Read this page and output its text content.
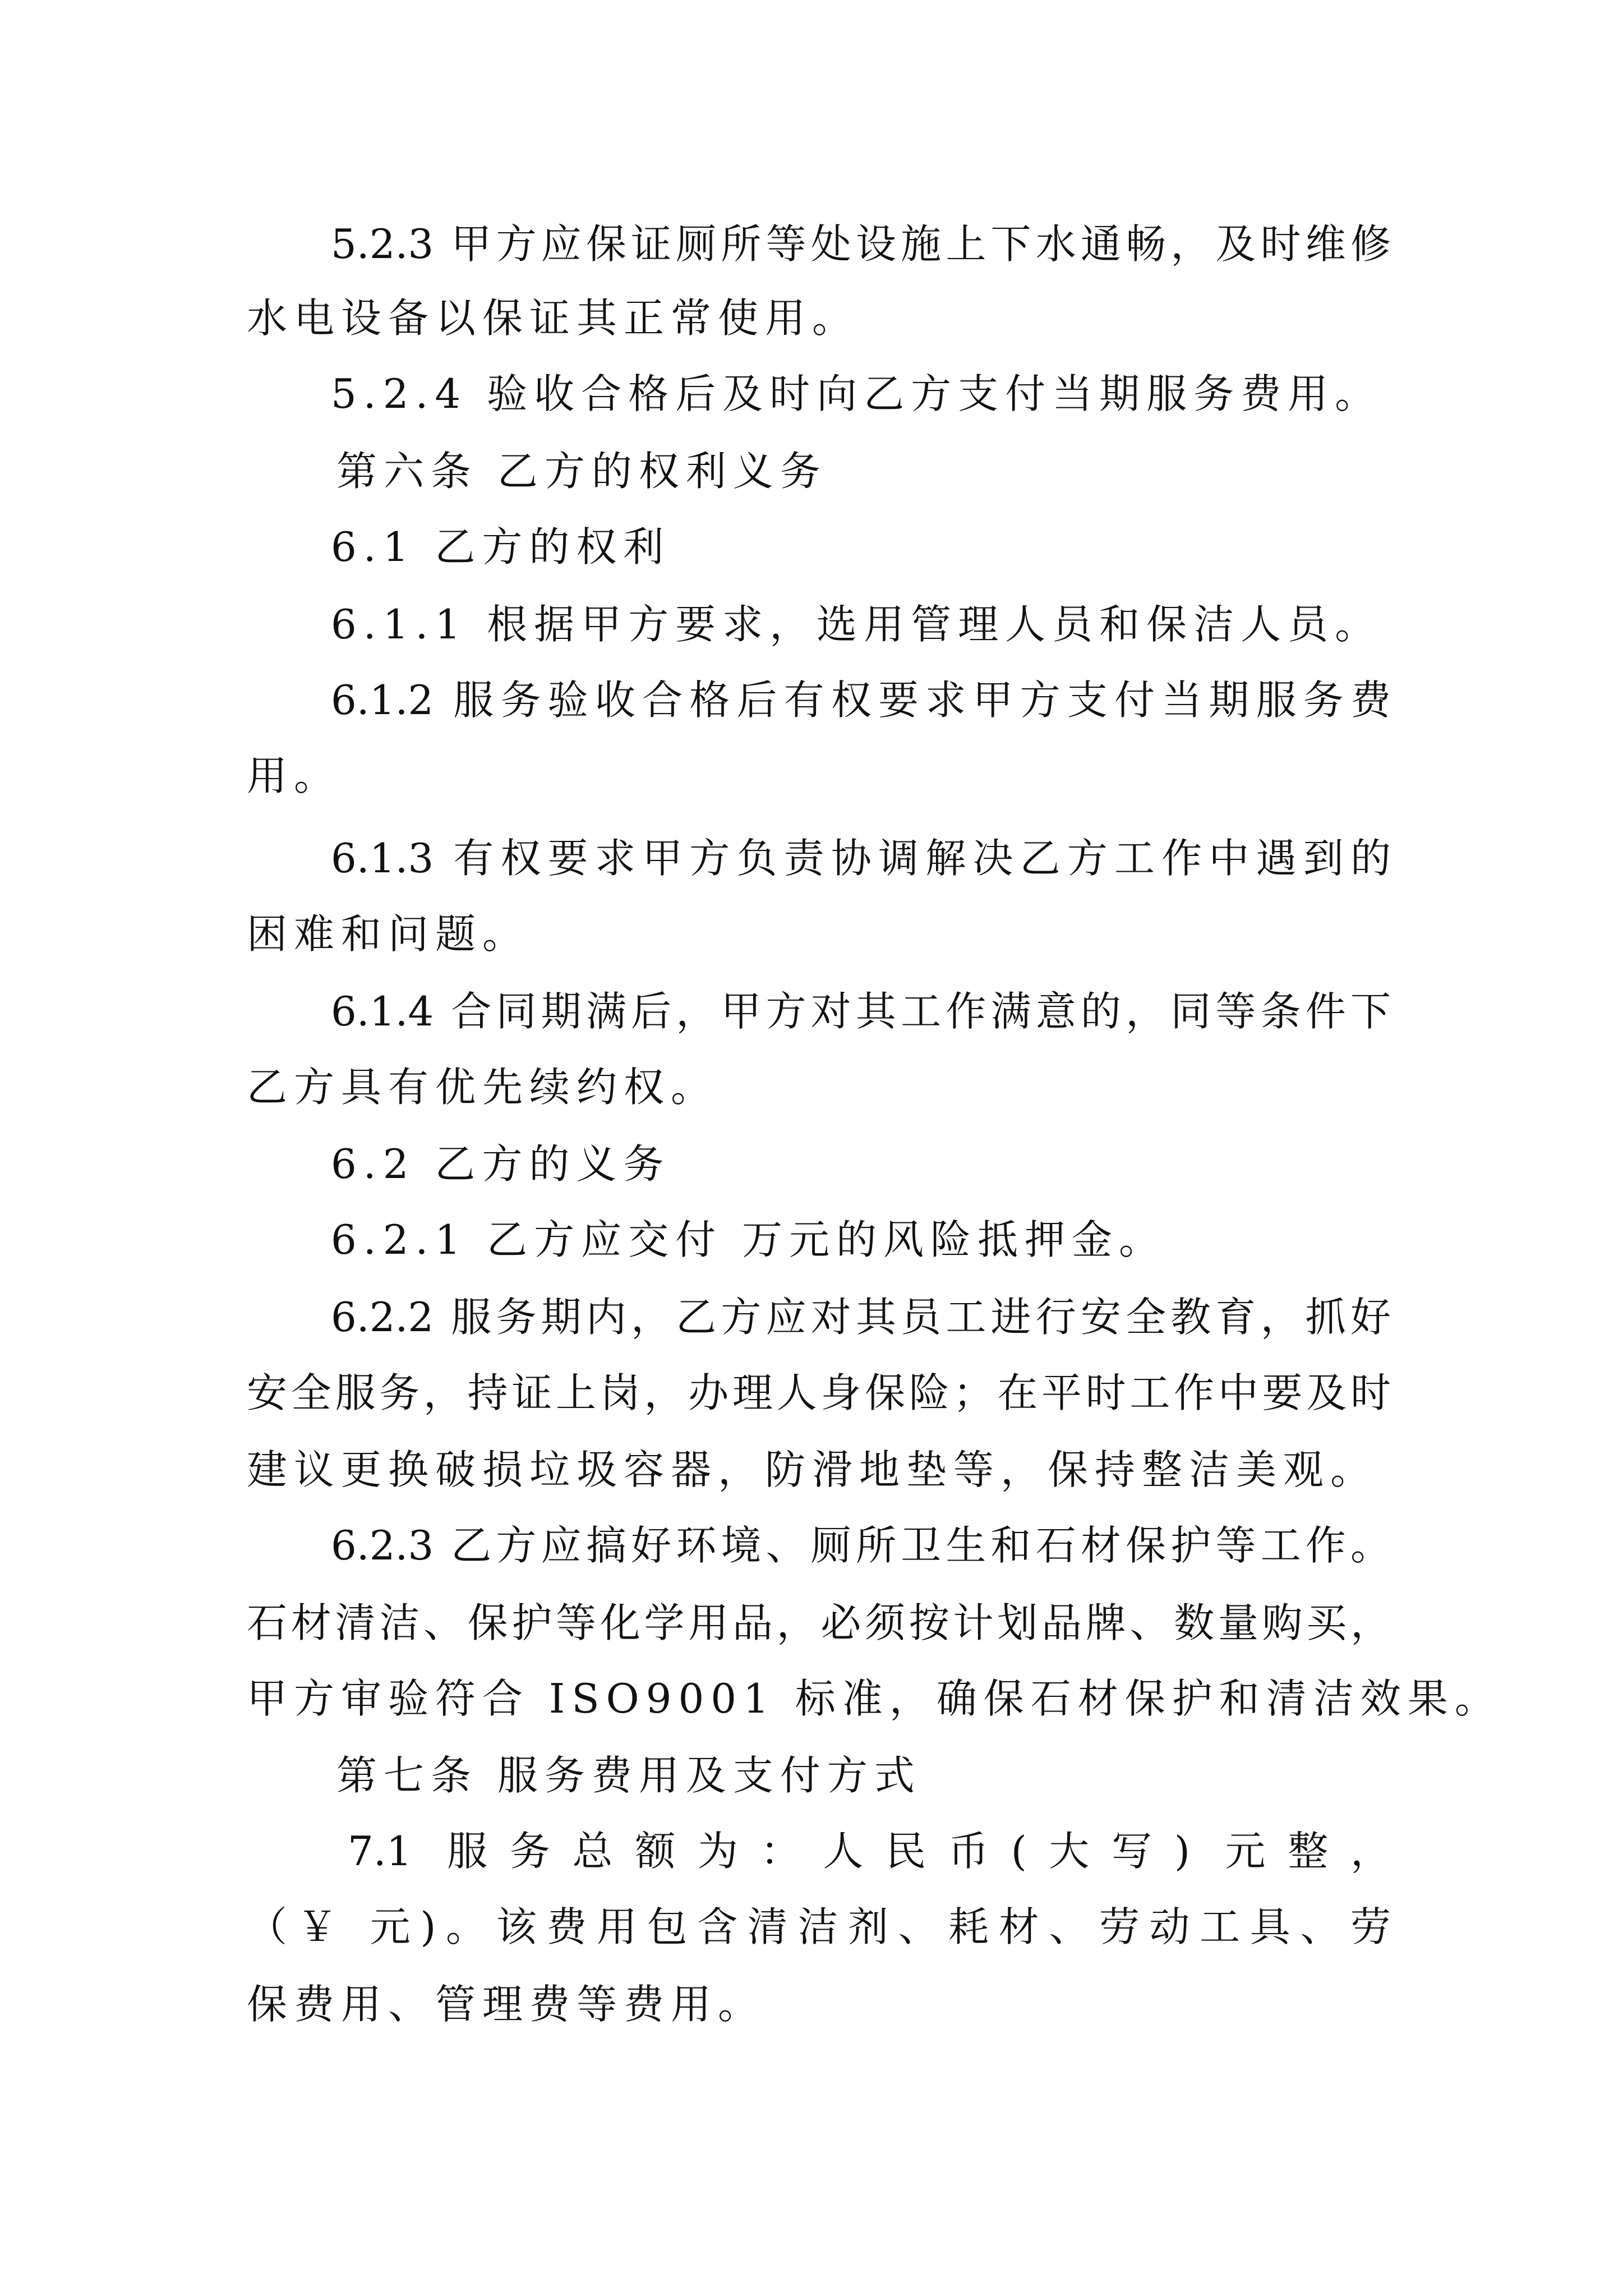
5.2.3 甲方应保证厕所等处设施上下水通畅，及时维修
水电设备以保证其正常使用。
5.2.4 验收合格后及时向乙方支付当期服务费用。
第六条 乙方的权利义务
6.1 乙方的权利
6.1.1 根据甲方要求，选用管理人员和保洁人员。
6.1.2 服务验收合格后有权要求甲方支付当期服务费
用。
6.1.3 有权要求甲方负责协调解决乙方工作中遇到的
困难和问题。
6.1.4 合同期满后，甲方对其工作满意的，同等条件下
乙方具有优先续约权。
6.2 乙方的义务
6.2.1 乙方应交付 万元的风险抵押金。
6.2.2 服务期内，乙方应对其员工进行安全教育，抓好
安全服务，持证上岗，办理人身保险；在平时工作中要及时
建议更换破损垃圾容器，防滑地垫等，保持整洁美观。
6.2.3 乙方应搞好环境、厕所卫生和石材保护等工作。
石材清洁、保护等化学用品，必须按计划品牌、数量购买，
甲方审验符合 ISO9001 标准，确保石材保护和清洁效果。
第七条 服务费用及支付方式
7.1 服务总额为：人民币(大写) 元整，
（￥ 元)。该费用包含清洁剂、耗材、劳动工具、劳
保费用、管理费等费用。
